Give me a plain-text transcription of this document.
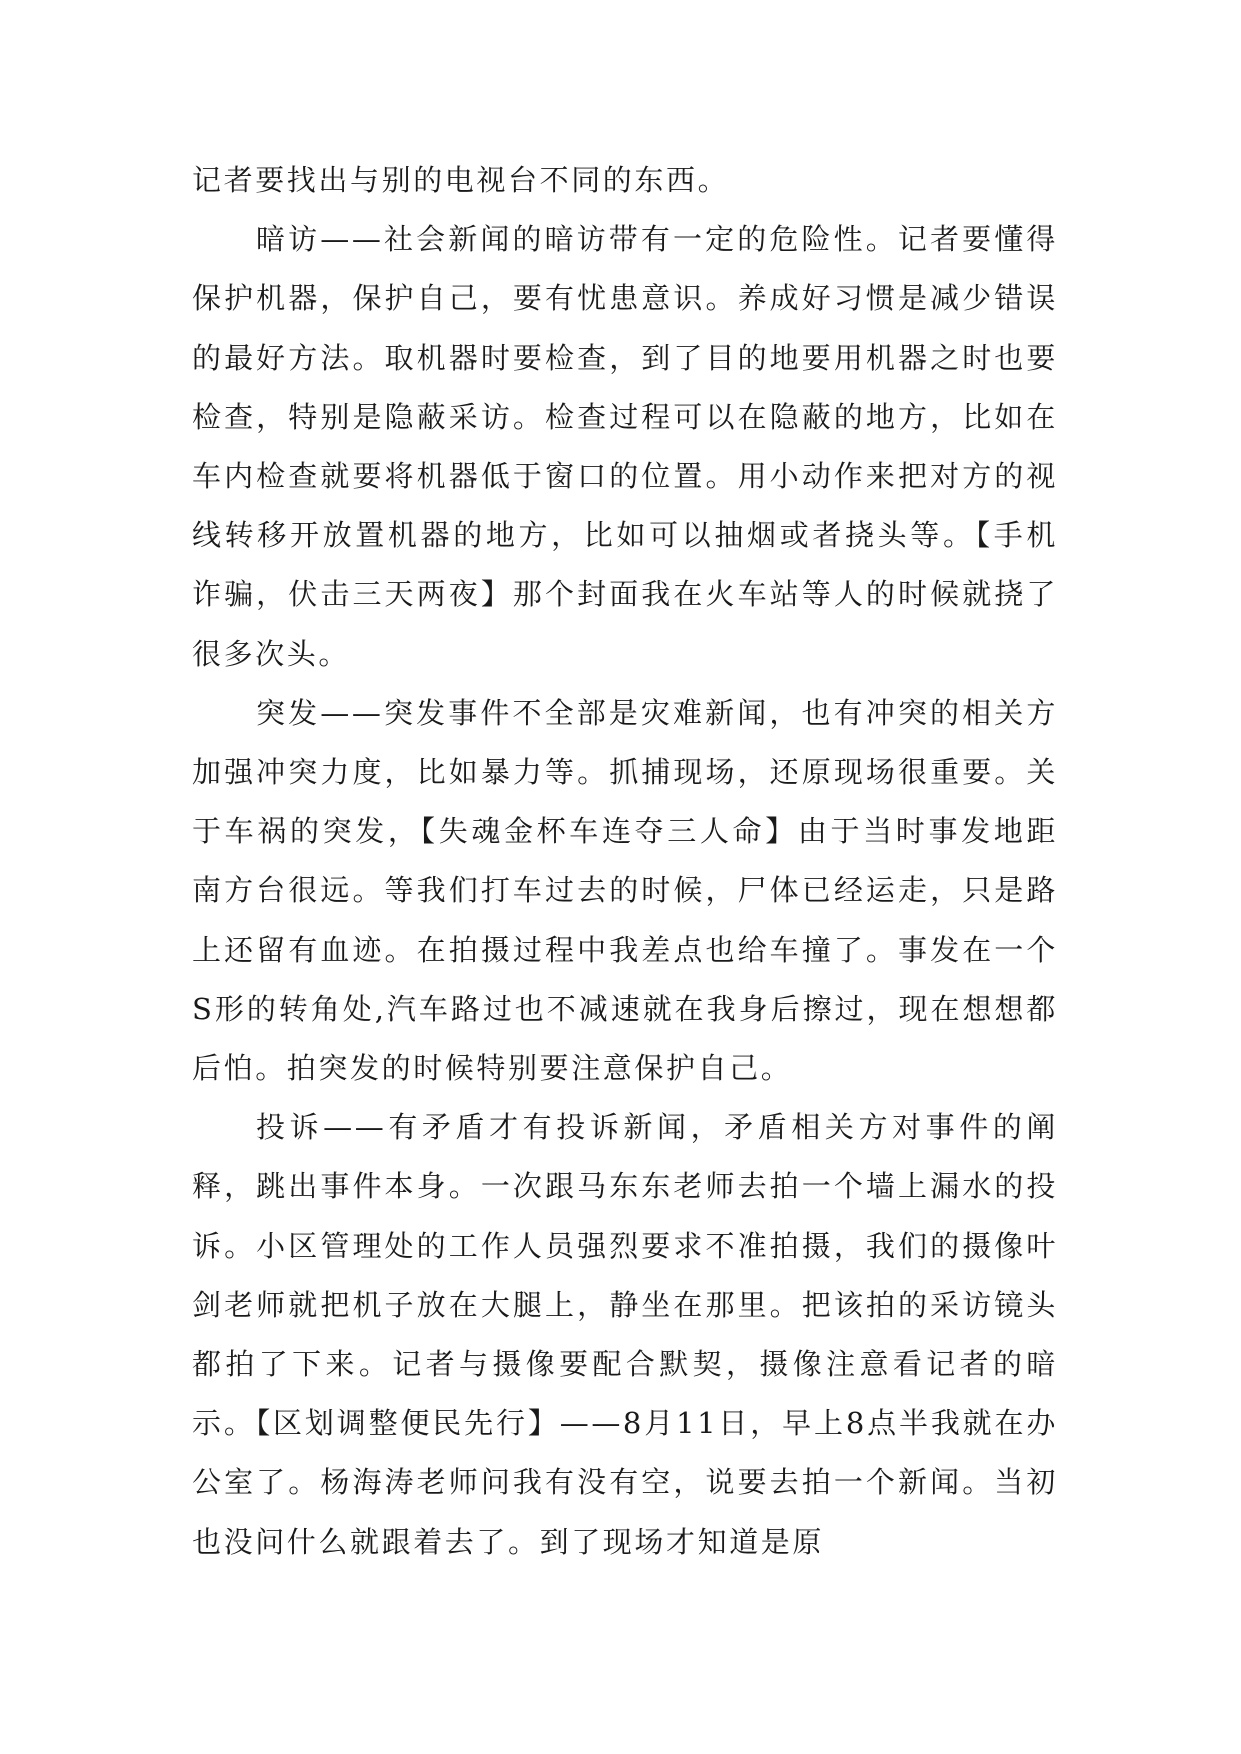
记者要找出与别的电视台不同的东西。

暗访——社会新闻的暗访带有一定的危险性。记者要懂得保护机器，保护自己，要有忧患意识。养成好习惯是减少错误的最好方法。取机器时要检查，到了目的地要用机器之时也要检查，特别是隐蔽采访。检查过程可以在隐蔽的地方，比如在车内检查就要将机器低于窗口的位置。用小动作来把对方的视线转移开放置机器的地方，比如可以抽烟或者挠头等。【手机诈骗，伏击三天两夜】那个封面我在火车站等人的时候就挠了很多次头。

突发——突发事件不全部是灾难新闻，也有冲突的相关方加强冲突力度，比如暴力等。抓捕现场，还原现场很重要。关于车祸的突发，【失魂金杯车连夺三人命】由于当时事发地距南方台很远。等我们打车过去的时候，尸体已经运走，只是路上还留有血迹。在拍摄过程中我差点也给车撞了。事发在一个S形的转角处,汽车路过也不减速就在我身后擦过，现在想想都后怕。拍突发的时候特别要注意保护自己。

投诉——有矛盾才有投诉新闻，矛盾相关方对事件的阐释，跳出事件本身。一次跟马东东老师去拍一个墙上漏水的投诉。小区管理处的工作人员强烈要求不准拍摄，我们的摄像叶剑老师就把机子放在大腿上，静坐在那里。把该拍的采访镜头都拍了下来。记者与摄像要配合默契，摄像注意看记者的暗示。【区划调整便民先行】——8月11日，早上8点半我就在办公室了。杨海涛老师问我有没有空，说要去拍一个新闻。当初也没问什么就跟着去了。到了现场才知道是原
